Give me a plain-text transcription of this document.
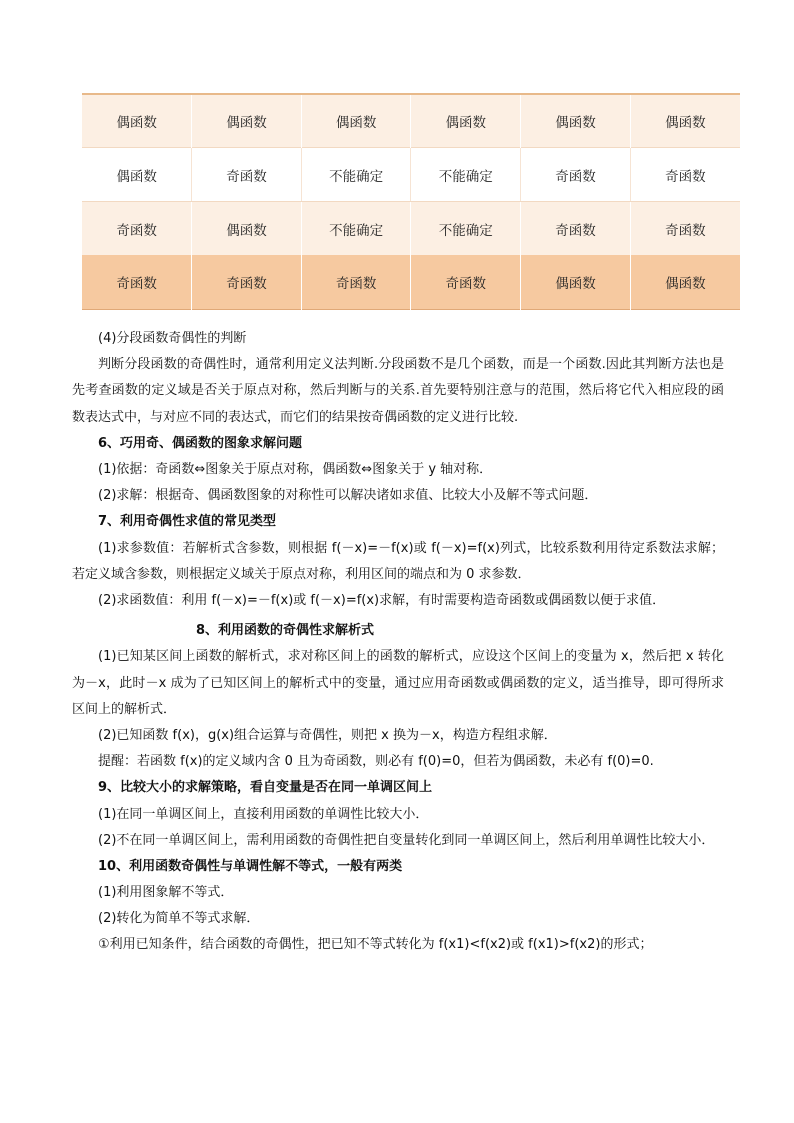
偶函数	偶函数	偶函数	偶函数	偶函数	偶函数
偶函数	奇函数	不能确定	不能确定	奇函数	奇函数
奇函数	偶函数	不能确定	不能确定	奇函数	奇函数
奇函数	奇函数	奇函数	奇函数	偶函数	偶函数
(4)分段函数奇偶性的判断
判断分段函数的奇偶性时，通常利用定义法判断.分段函数不是几个函数，而是一个函数.因此其判断方法也是先考查函数的定义域是否关于原点对称，然后判断与的关系.首先要特别注意与的范围，然后将它代入相应段的函数表达式中，与对应不同的表达式，而它们的结果按奇偶函数的定义进行比较.
6、巧用奇、偶函数的图象求解问题
(1)依据：奇函数⇔图象关于原点对称，偶函数⇔图象关于 y 轴对称．
(2)求解：根据奇、偶函数图象的对称性可以解决诸如求值、比较大小及解不等式问题．
7、利用奇偶性求值的常见类型
(1)求参数值：若解析式含参数，则根据 f(－x)=－f(x)或 f(－x)=f(x)列式，比较系数利用待定系数法求解；若定义域含参数，则根据定义域关于原点对称，利用区间的端点和为 0 求参数．
(2)求函数值：利用 f(－x)=－f(x)或 f(－x)=f(x)求解，有时需要构造奇函数或偶函数以便于求值．
8、利用函数的奇偶性求解析式
(1)已知某区间上函数的解析式，求对称区间上的函数的解析式，应设这个区间上的变量为 x，然后把 x 转化为－x，此时－x 成为了已知区间上的解析式中的变量，通过应用奇函数或偶函数的定义，适当推导，即可得所求区间上的解析式．
(2)已知函数 f(x)，g(x)组合运算与奇偶性，则把 x 换为－x，构造方程组求解．
提醒：若函数 f(x)的定义域内含 0 且为奇函数，则必有 f(0)=0，但若为偶函数，未必有 f(0)=0.
9、比较大小的求解策略，看自变量是否在同一单调区间上
(1)在同一单调区间上，直接利用函数的单调性比较大小．
(2)不在同一单调区间上，需利用函数的奇偶性把自变量转化到同一单调区间上，然后利用单调性比较大小．
10、利用函数奇偶性与单调性解不等式，一般有两类
(1)利用图象解不等式．
(2)转化为简单不等式求解．
①利用已知条件，结合函数的奇偶性，把已知不等式转化为 f(x1)<f(x2)或 f(x1)>f(x2)的形式；
